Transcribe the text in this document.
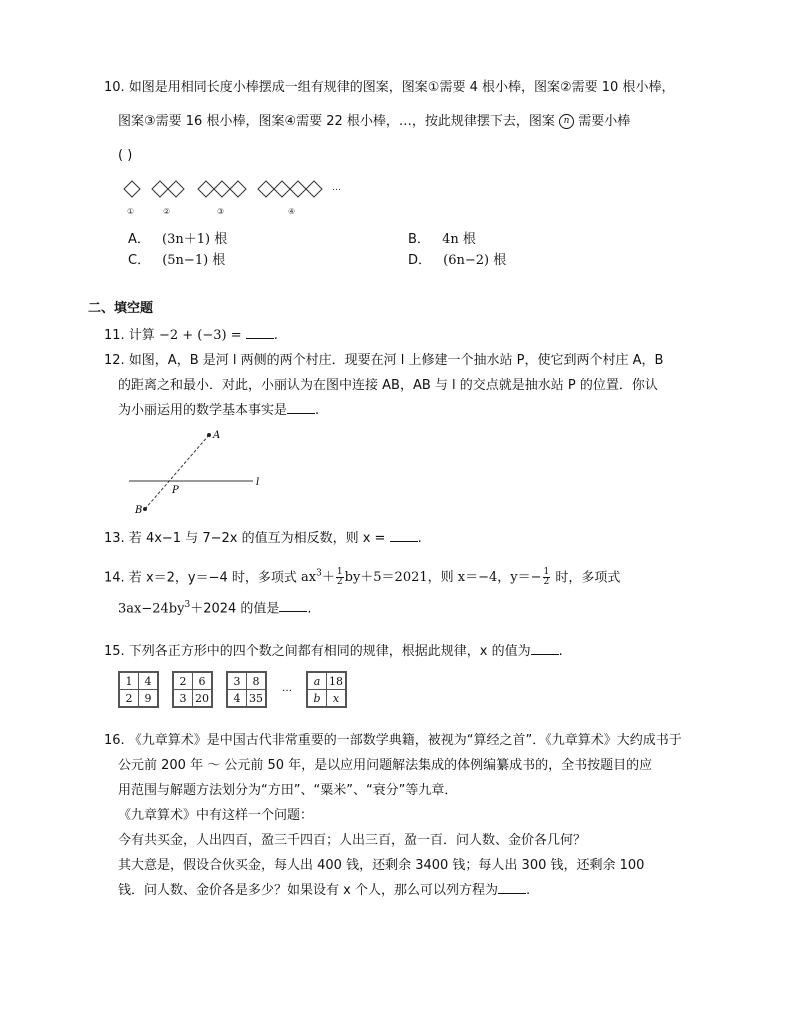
10. 如图是用相同长度小棒摆成一组有规律的图案，图案①需要 4 根小棒，图案②需要 10 根小棒，
图案③需要 16 根小棒，图案④需要 22 根小棒，…，按此规律摆下去，图案 n 需要小棒
( )
…
①	②	③	④
A． (3n＋1) 根	B． 4n 根
C． (5n−1) 根	D． (6n−2) 根
二、填空题
11. 计算 −2 + (−3) = .
12. 如图，A，B 是河 l 两侧的两个村庄．现要在河 l 上修建一个抽水站 P，使它到两个村庄 A，B
的距离之和最小．对此，小丽认为在图中连接 AB，AB 与 l 的交点就是抽水站 P 的位置．你认
为小丽运用的数学基本事实是 .
A
P
B
l
13. 若 4x−1 与 7−2x 的值互为相反数，则 x = .
14. 若 x＝2，y＝−4 时，多项式 $ax^3+ \frac{1}{2} by+5=2021$，则 x＝−4，$y=- \frac{1}{2}$ 时，多项式
$3ax-24by^3+2024$ 的值是 .
15. 下列各正方形中的四个数之间都有相同的规律，根据此规律，x 的值为 .
1	4
2	9
2	6
3	20
3	8
4	35
…
a	18
b	x
16. 《九章算术》是中国古代非常重要的一部数学典籍，被视为“算经之首”．《九章算术》大约成书于
公元前 200 年 ～ 公元前 50 年，是以应用问题解法集成的体例编纂成书的，全书按题目的应
用范围与解题方法划分为“方田”、“粟米”、“衰分”等九章．
《九章算术》中有这样一个问题：
今有共买金，人出四百，盈三千四百；人出三百，盈一百．问人数、金价各几何？
其大意是，假设合伙买金，每人出 400 钱，还剩余 3400 钱；每人出 300 钱，还剩余 100
钱．问人数、金价各是多少？如果设有 x 个人，那么可以列方程为 .
